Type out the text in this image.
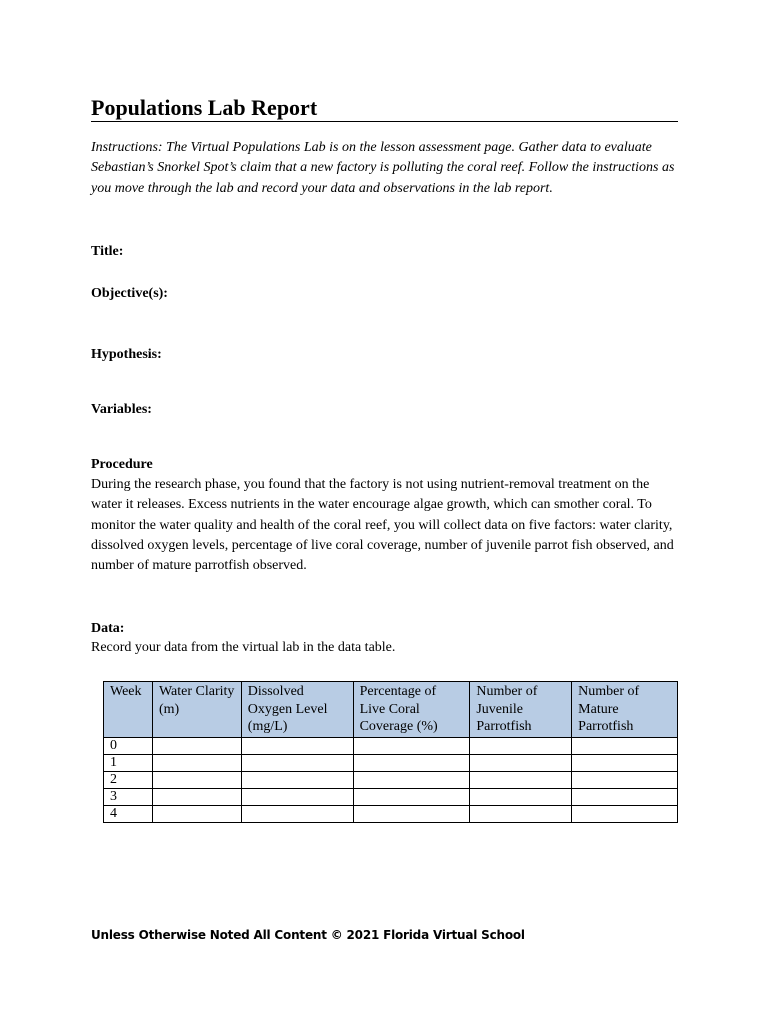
Populations Lab Report
Instructions: The Virtual Populations Lab is on the lesson assessment page. Gather data to evaluate Sebastian’s Snorkel Spot’s claim that a new factory is polluting the coral reef. Follow the instructions as you move through the lab and record your data and observations in the lab report.
Title:
Objective(s):
Hypothesis:
Variables:
Procedure
During the research phase, you found that the factory is not using nutrient-removal treatment on the water it releases. Excess nutrients in the water encourage algae growth, which can smother coral. To monitor the water quality and health of the coral reef, you will collect data on five factors: water clarity, dissolved oxygen levels, percentage of live coral coverage, number of juvenile parrot fish observed, and number of mature parrotfish observed.
Data:
Record your data from the virtual lab in the data table.
Week	Water Clarity (m)	Dissolved Oxygen Level (mg/L)	Percentage of Live Coral Coverage (%)	Number of Juvenile Parrotfish	Number of Mature Parrotfish
0					
1					
2					
3					
4					
Unless Otherwise Noted All Content © 2021 Florida Virtual School
